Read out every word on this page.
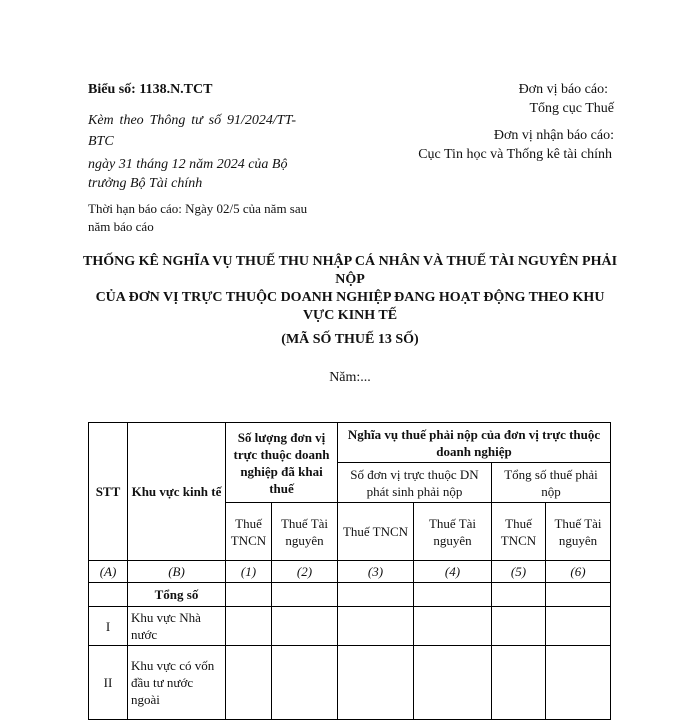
Biểu số: 1138.N.TCT
Kèm theo Thông tư số 91/2024/TT-BTC
ngày 31 tháng 12 năm 2024 của Bộ trưởng Bộ Tài chính
Thời hạn báo cáo: Ngày 02/5 của năm sau năm báo cáo
Đơn vị báo cáo:
Tổng cục Thuế
Đơn vị nhận báo cáo:
Cục Tin học và Thống kê tài chính
THỐNG KÊ NGHĨA VỤ THUẾ THU NHẬP CÁ NHÂN VÀ THUẾ TÀI NGUYÊN PHẢI NỘP
CỦA ĐƠN VỊ TRỰC THUỘC DOANH NGHIỆP ĐANG HOẠT ĐỘNG THEO KHU VỰC KINH TẾ
(MÃ SỐ THUẾ 13 SỐ)
Năm:...
STT	Khu vực kinh tế	Số lượng đơn vị trực thuộc doanh nghiệp đã khai thuế		Nghĩa vụ thuế phải nộp của đơn vị trực thuộc doanh nghiệp			
				Số đơn vị trực thuộc DN phát sinh phải nộp		Tổng số thuế phải nộp	
		Thuế TNCN	Thuế Tài nguyên	Thuế TNCN	Thuế Tài nguyên	Thuế TNCN	Thuế Tài nguyên
(A)	(B)	(1)	(2)	(3)	(4)	(5)	(6)
	Tổng số						
I	Khu vực Nhà nước						
II	Khu vực có vốn đầu tư nước ngoài						
